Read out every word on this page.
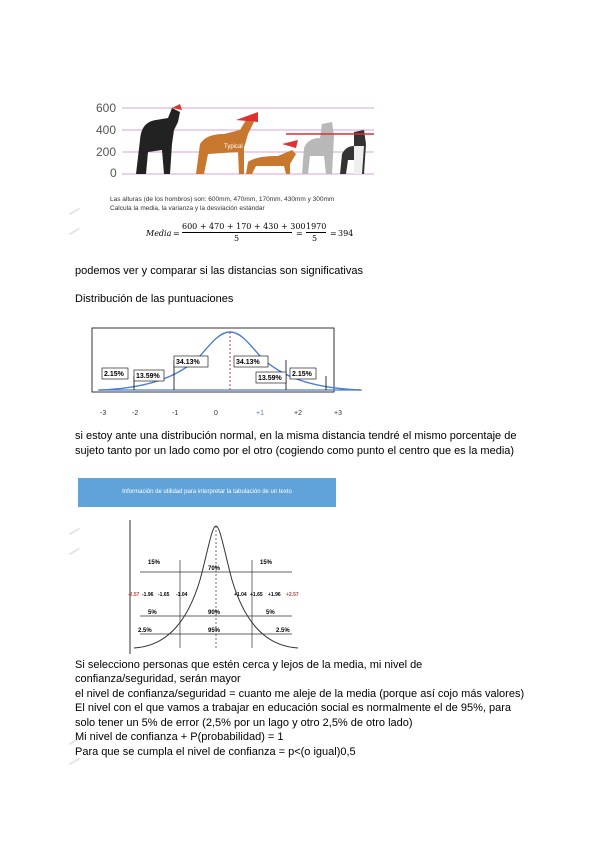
600
400
200
0
Typical standard dev
Las alturas (de los hombros) son: 600mm, 470mm, 170mm, 430mm y 300mm
Calcula la media, la varianza y la desviación estándar
Media =
600 + 470 + 170 + 430 + 300
5
=
1970
5
= 394
podemos ver y comparar si las distancias son significativas
Distribución de las puntuaciones
2.15% 13.59%
34.13%	34.13%
13.59%
2.15%
-3	-2	-1	0	+1	+2	+3
si estoy ante una distribución normal, en la misma distancia tendré el mismo porcentaje de
sujeto tanto por un lado como por el otro (cogiendo como punto el centro que es la media)
Información de utilidad para interpretar la tabulación de un texto
15%
70%
15%
-2.57 -1.96 -1.65 -1.04	+1.04 +1.65 +1.96 +2.57
5%	90%	5%
2.5%	95%	2.5%
Si selecciono personas que estén cerca y lejos de la media, mi nivel de
confianza/seguridad, serán mayor
el nivel de confianza/seguridad = cuanto me aleje de la media (porque así cojo más valores)
El nivel con el que vamos a trabajar en educación social es normalmente el de 95%, para
solo tener un 5% de error (2,5% por un lago y otro 2,5% de otro lado)
Mi nivel de confianza + P(probabilidad) = 1
Para que se cumpla el nivel de confianza = p<(o igual)0,5
